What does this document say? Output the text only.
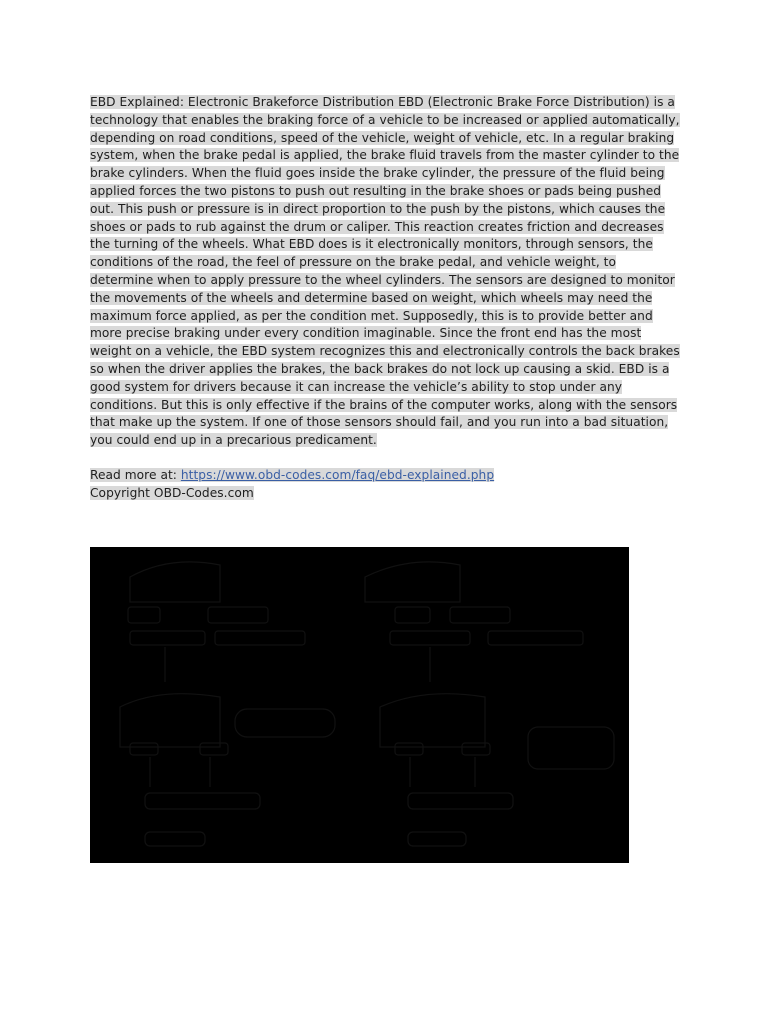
EBD Explained: Electronic Brakeforce Distribution EBD (Electronic Brake Force Distribution) is a technology that enables the braking force of a vehicle to be increased or applied automatically, depending on road conditions, speed of the vehicle, weight of vehicle, etc. In a regular braking system, when the brake pedal is applied, the brake fluid travels from the master cylinder to the brake cylinders. When the fluid goes inside the brake cylinder, the pressure of the fluid being applied forces the two pistons to push out resulting in the brake shoes or pads being pushed out. This push or pressure is in direct proportion to the push by the pistons, which causes the shoes or pads to rub against the drum or caliper. This reaction creates friction and decreases the turning of the wheels. What EBD does is it electronically monitors, through sensors, the conditions of the road, the feel of pressure on the brake pedal, and vehicle weight, to determine when to apply pressure to the wheel cylinders. The sensors are designed to monitor the movements of the wheels and determine based on weight, which wheels may need the maximum force applied, as per the condition met. Supposedly, this is to provide better and more precise braking under every condition imaginable. Since the front end has the most weight on a vehicle, the EBD system recognizes this and electronically controls the back brakes so when the driver applies the brakes, the back brakes do not lock up causing a skid. EBD is a good system for drivers because it can increase the vehicle’s ability to stop under any conditions. But this is only effective if the brains of the computer works, along with the sensors that make up the system. If one of those sensors should fail, and you run into a bad situation, you could end up in a precarious predicament.

Read more at: https://www.obd-codes.com/faq/ebd-explained.php
Copyright OBD-Codes.com
